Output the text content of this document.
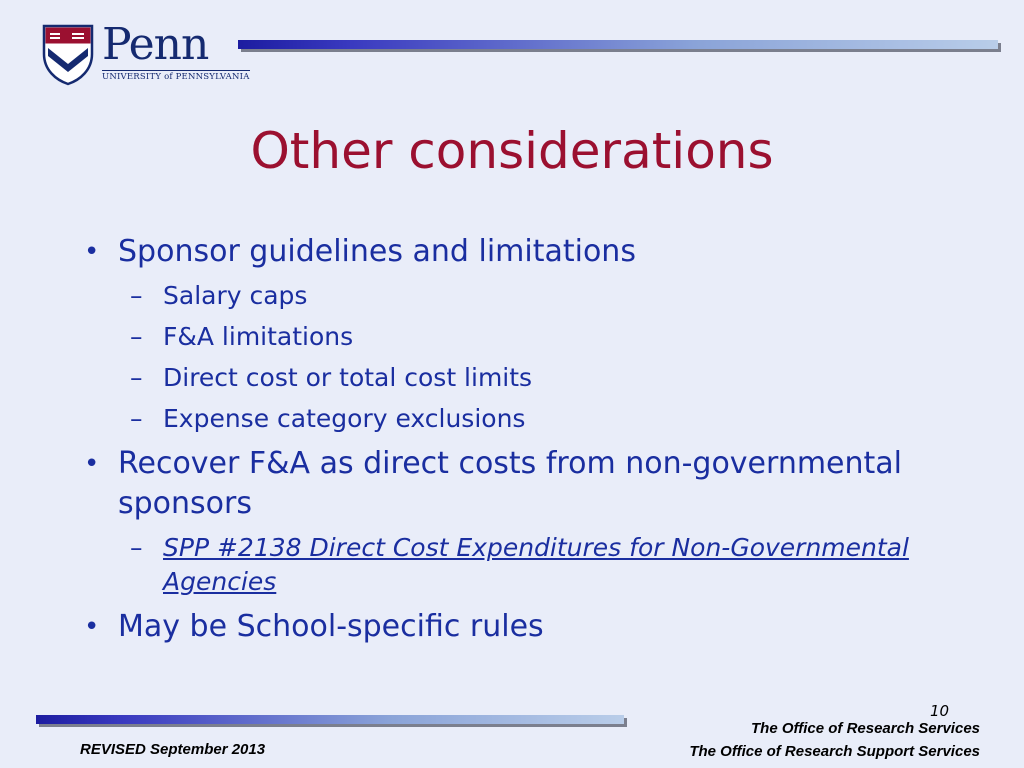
Penn
UNIVERSITY of PENNSYLVANIA
Other considerations
• Sponsor guidelines and limitations
– Salary caps
– F&A limitations
– Direct cost or total cost limits
– Expense category exclusions
• Recover F&A as direct costs from non-governmental sponsors
– SPP #2138 Direct Cost Expenditures for Non-Governmental Agencies
• May be School-specific rules
10
The Office of Research Services
The Office of Research Support Services
REVISED September 2013
